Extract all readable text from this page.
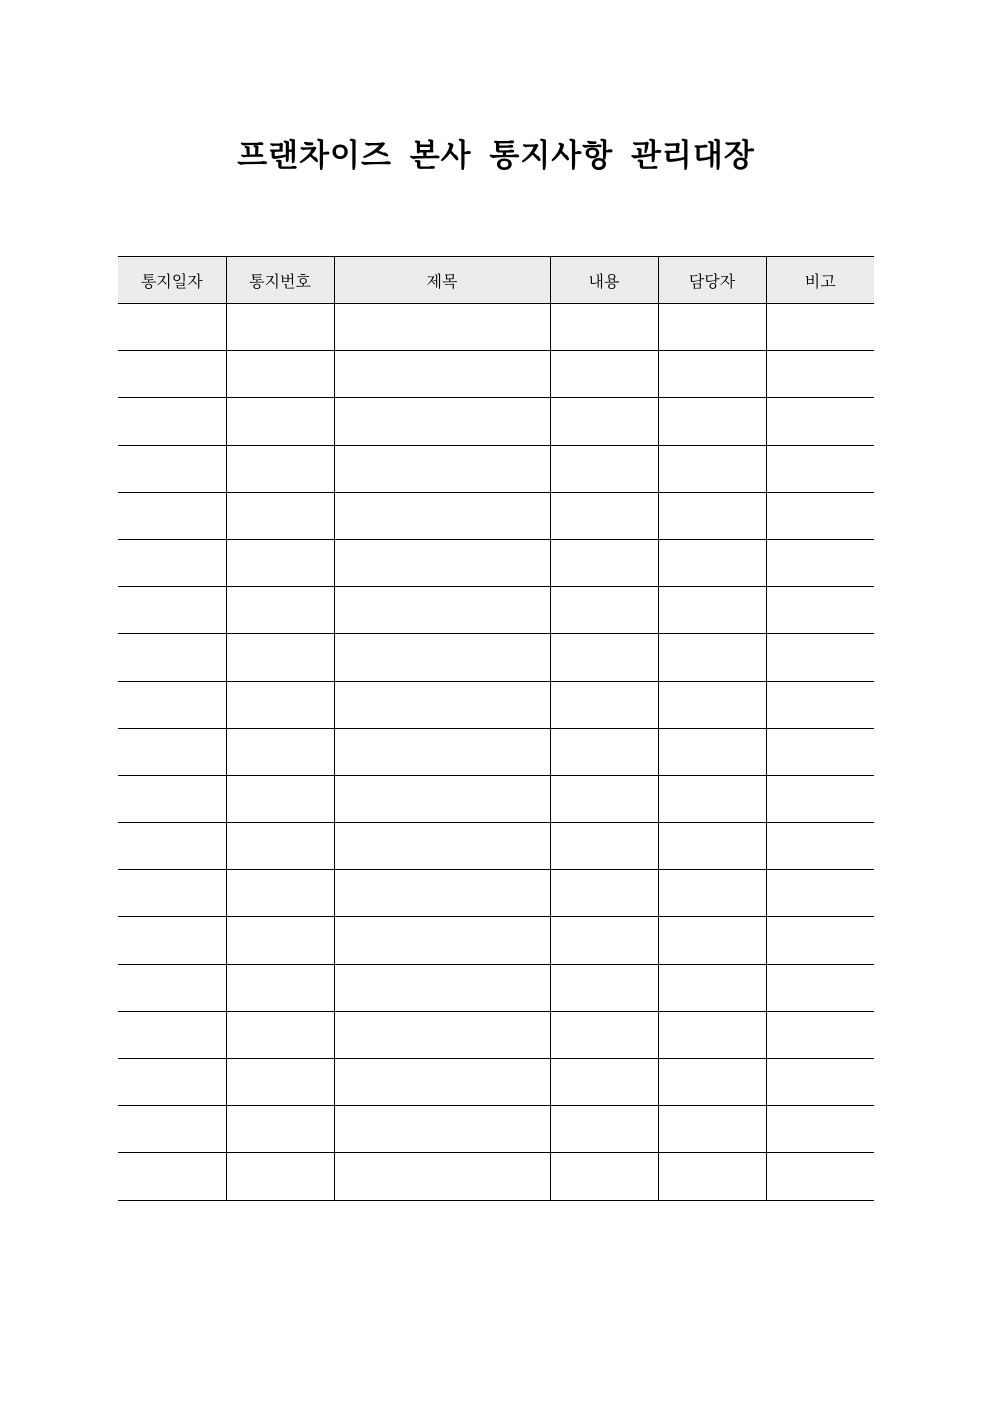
프랜차이즈 본사 통지사항 관리대장
통지일자	통지번호	제목	내용	담당자	비고
